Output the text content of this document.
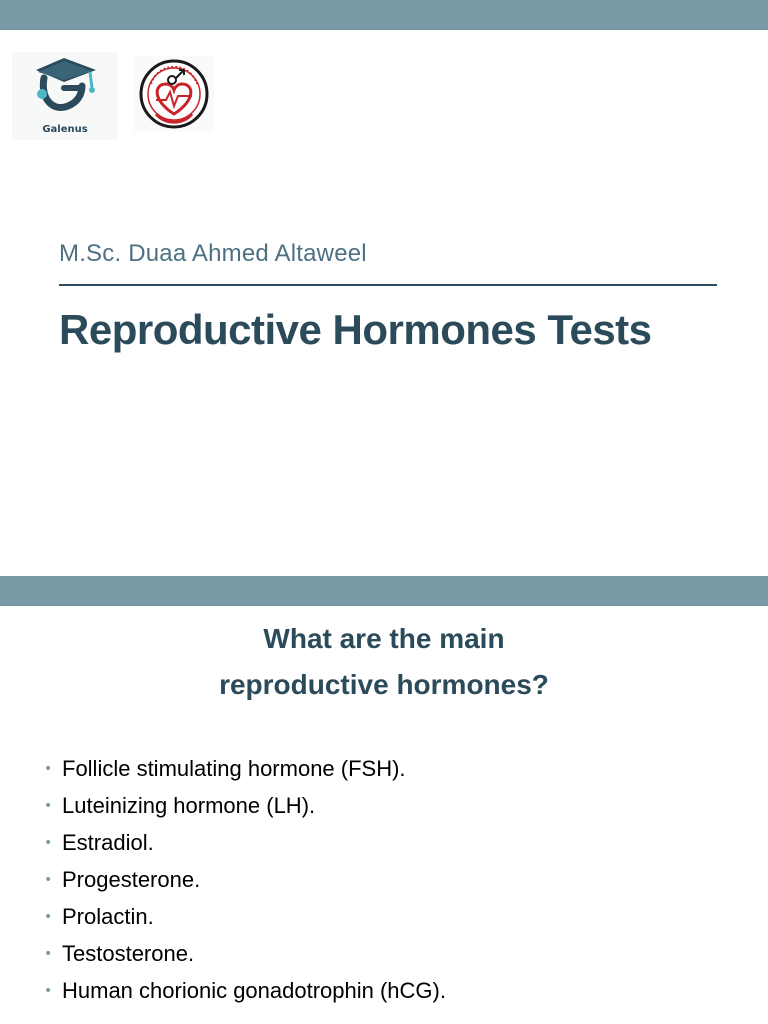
Galenus
M.Sc. Duaa Ahmed Altaweel
Reproductive Hormones Tests
What are the main
reproductive hormones?
• Follicle stimulating hormone (FSH).
• Luteinizing hormone (LH).
• Estradiol.
• Progesterone.
• Prolactin.
• Testosterone.
• Human chorionic gonadotrophin (hCG).
